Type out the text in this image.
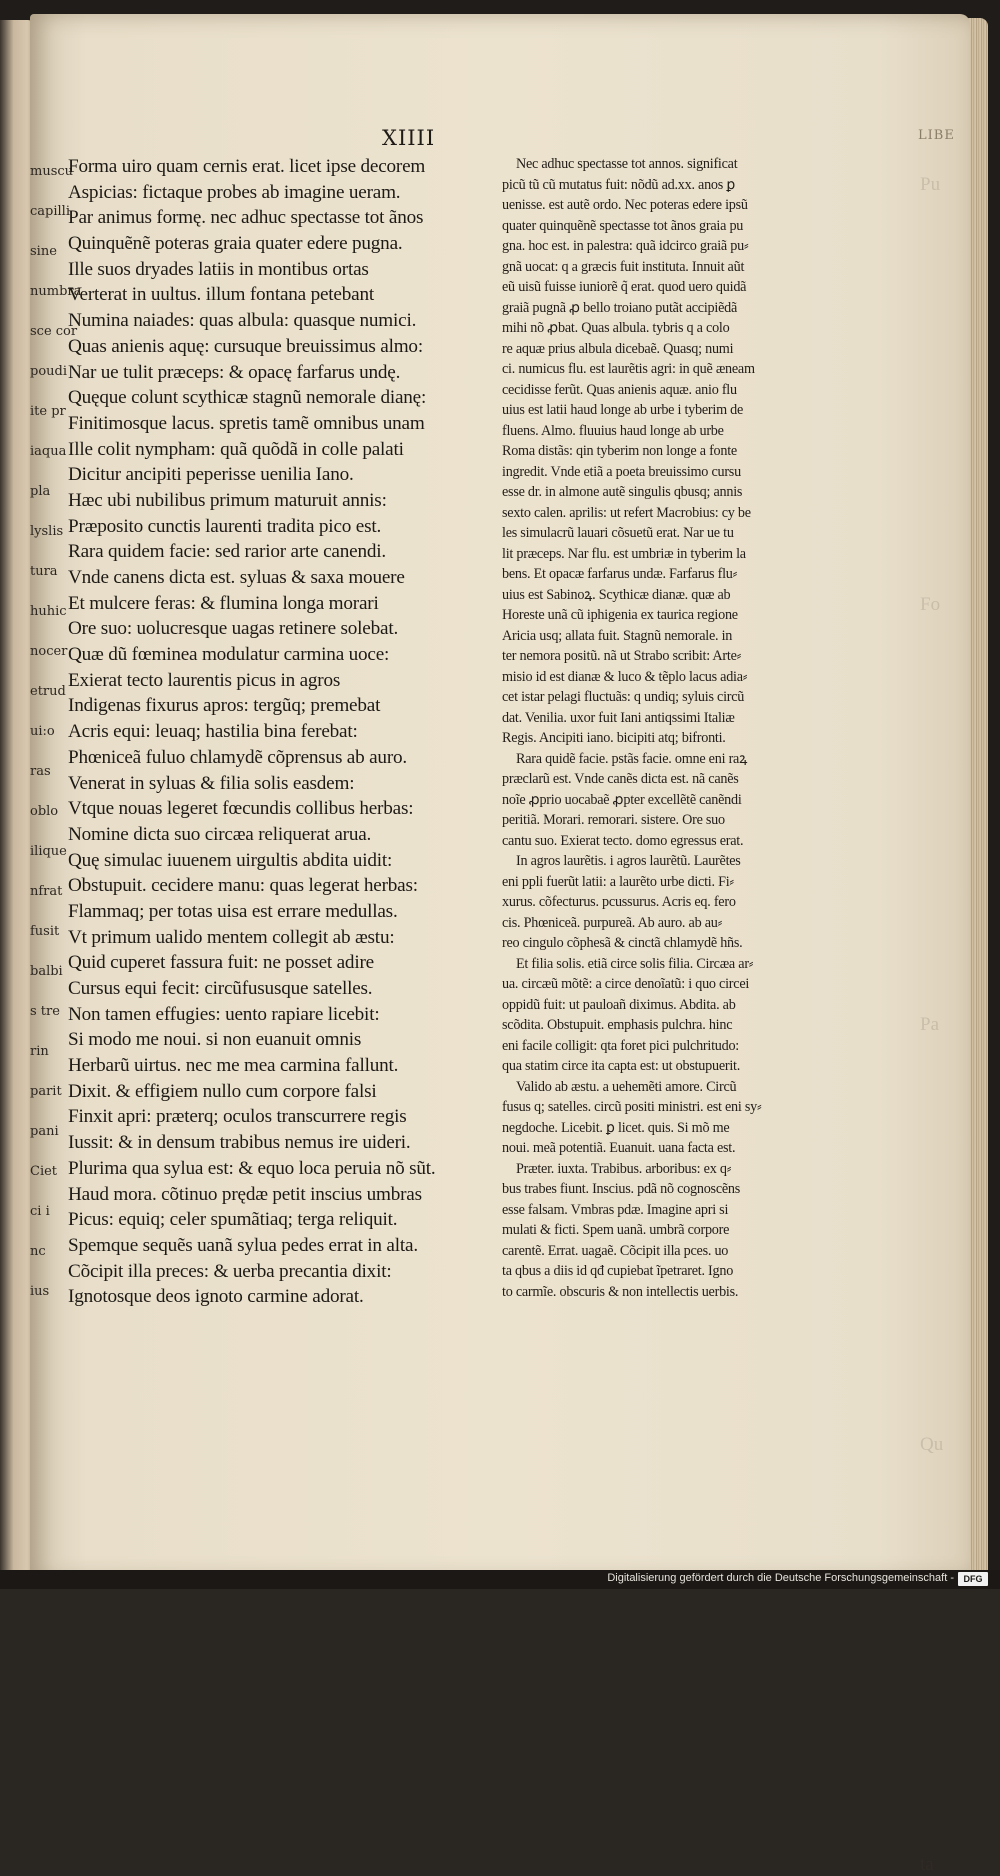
muscu
capilli
sine
numbra
sce cor
poudi
ite pr
iaqua
pla
lyslis
tura
huhic
nocer
etrud
ui:o
ras
oblo
ilique
nfrat
fusit
balbi
s tre
rin
parit
pani
Ciet
ci i
nc
ius
XIIII	LIBE
Forma uiro quam cernis erat. licet ipse decorem
Aspicias: fictaque probes ab imagine ueram.
Par animus formę. nec adhuc spectasse tot ãnos
Quinquẽnẽ poteras graia quater edere pugna.
Ille suos dryades latiis in montibus ortas
Verterat in uultus. illum fontana petebant
Numina naiades: quas albula: quasque numici.
Quas anienis aquę: cursuque breuissimus almo:
Nar ue tulit præceps: & opacę farfarus undę.
Quęque colunt scythicæ stagnũ nemorale dianę:
Finitimosque lacus. spretis tamẽ omnibus unam
Ille colit nympham: quã quõdã in colle palati
Dicitur ancipiti peperisse uenilia Iano.
Hæc ubi nubilibus primum maturuit annis:
Præposito cunctis laurenti tradita pico est.
Rara quidem facie: sed rarior arte canendi.
Vnde canens dicta est. syluas & saxa mouere
Et mulcere feras: & flumina longa morari
Ore suo: uolucresque uagas retinere solebat.
Quæ dũ fœminea modulatur carmina uoce:
Exierat tecto laurentis picus in agros
Indigenas fixurus apros: tergũq; premebat
Acris equi: leuaq; hastilia bina ferebat:
Phœniceã fuluo chlamydẽ cõprensus ab auro.
Venerat in syluas & filia solis easdem:
Vtque nouas legeret fœcundis collibus herbas:
Nomine dicta suo circæa reliquerat arua.
Quę simulac iuuenem uirgultis abdita uidit:
Obstupuit. cecidere manu: quas legerat herbas:
Flammaq; per totas uisa est errare medullas.
Vt primum ualido mentem collegit ab æstu:
Quid cuperet fassura fuit: ne posset adire
Cursus equi fecit: circũfususque satelles.
Non tamen effugies: uento rapiare licebit:
Si modo me noui. si non euanuit omnis
Herbarũ uirtus. nec me mea carmina fallunt.
Dixit. & effigiem nullo cum corpore falsi
Finxit apri: præterq; oculos transcurrere regis
Iussit: & in densum trabibus nemus ire uideri.
Plurima qua sylua est: & equo loca peruia nõ sũt.
Haud mora. cõtinuo prędæ petit inscius umbras
Picus: equiq; celer spumãtiaq; terga reliquit.
Spemque sequẽs uanã sylua pedes errat in alta.
Cõcipit illa preces: & uerba precantia dixit:
Ignotosque deos ignoto carmine adorat.
Nec adhuc spectasse tot annos. significat
picũ tũ cũ mutatus fuit: nõdũ ad.xx. anos ꝑ
uenisse. est autẽ ordo. Nec poteras edere ipsũ
quater quinquẽnẽ spectasse tot ãnos graia pu
gna. hoc est. in palestra: quã idcirco graiã pu⸗
gnã uocat: q a græcis fuit instituta. Innuit aũt
eũ uisũ fuisse iuniorẽ q̃ erat. quod uero quidã
graiã pugnã ꝓ bello troiano putãt accipiẽdã
mihi nõ ꝓbat. Quas albula. tybris q a colo
re aquæ prius albula dicebaẽ. Quasq; numi
ci. numicus flu. est laurẽtis agri: in quẽ æneam
cecidisse ferũt. Quas anienis aquæ. anio flu
uius est latii haud longe ab urbe i tyberim de
fluens. Almo. fluuius haud longe ab urbe
Roma distãs: qin tyberim non longe a fonte
ingredit. Vnde etiã a poeta breuissimo cursu
esse dr. in almone autẽ singulis qbusq; annis
sexto calen. aprilis: ut refert Macrobius: cy be
les simulacrũ lauari cõsuetũ erat. Nar ue tu
lit præceps. Nar flu. est umbriæ in tyberim la
bens. Et opacæ farfarus undæ. Farfarus flu⸗
uius est Sabinoꝝ. Scythicæ dianæ. quæ ab
Horeste unã cũ iphigenia ex taurica regione
Aricia usq; allata fuit. Stagnũ nemorale. in
ter nemora positũ. nã ut Strabo scribit: Arte⸗
misio id est dianæ & luco & tẽplo lacus adia⸗
cet istar pelagi fluctuãs: q undiq; syluis circũ
dat. Venilia. uxor fuit Iani antiqssimi Italiæ
Regis. Ancipiti iano. bicipiti atq; bifronti.
Rara quidẽ facie. pstãs facie. omne eni raꝝ
præclarũ est. Vnde canẽs dicta est. nã canẽs
noĩe ꝓprio uocabaẽ ꝓpter excellẽtẽ canẽndi
peritiã. Morari. remorari. sistere. Ore suo
cantu suo. Exierat tecto. domo egressus erat.
In agros laurẽtis. i agros laurẽtũ. Laurẽtes
eni ppli fuerũt latii: a laurẽto urbe dicti. Fi⸗
xurus. cõfecturus. pcussurus. Acris eq. fero
cis. Phœniceã. purpureã. Ab auro. ab au⸗
reo cingulo cõphesã & cinctã chlamydẽ hñs.
Et filia solis. etiã circe solis filia. Circæa ar⸗
ua. circæũ mõtẽ: a circe denoĩatũ: i quo circei
oppidũ fuit: ut pauloañ diximus. Abdita. ab
scõdita. Obstupuit. emphasis pulchra. hinc
eni facile colligit: qta foret pici pulchritudo:
qua statim circe ita capta est: ut obstupuerit.
Valido ab æstu. a uehemẽti amore. Circũ
fusus q; satelles. circũ positi ministri. est eni sy⸗
negdoche. Licebit. ꝑ licet. quis. Si mõ me
noui. meã potentiã. Euanuit. uana facta est.
Præter. iuxta. Trabibus. arboribus: ex q⸗
bus trabes fiunt. Inscius. pdã nõ cognoscẽns
esse falsam. Vmbras pdæ. Imagine apri si
mulati & ficti. Spem uanã. umbrã corpore
carentẽ. Errat. uagaẽ. Cõcipit illa pces. uo
ta qbus a diis id qđ cupiebat ĩpetraret. Igno
to carmĩe. obscuris & non intellectis uerbis.
Pu
Fo
Pa
Qu
ta
Digitalisierung gefördert durch die Deutsche Forschungsgemeinschaft -	DFG
